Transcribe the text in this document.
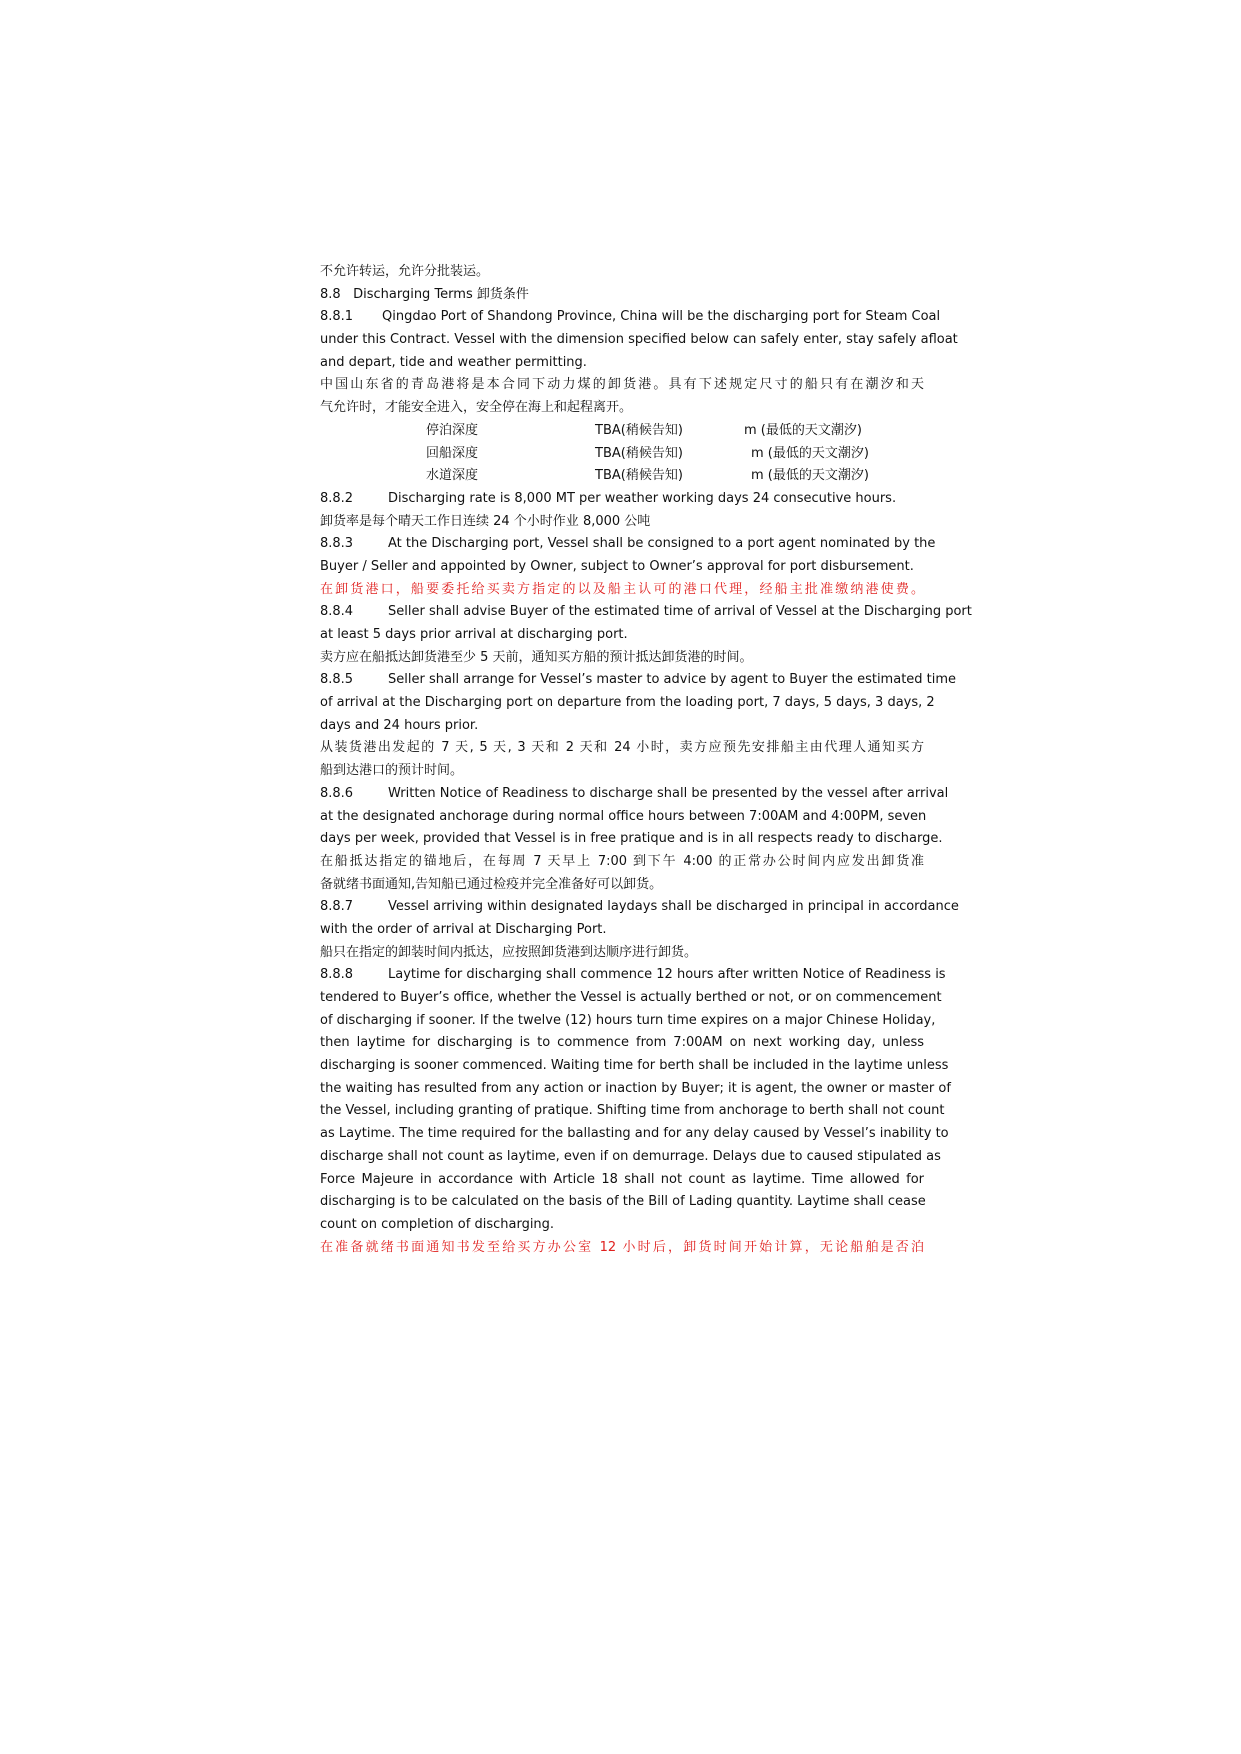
不允许转运，允许分批装运。
8.8 Discharging Terms 卸货条件
8.8.1 Qingdao Port of Shandong Province, China will be the discharging port for Steam Coal
under this Contract. Vessel with the dimension specified below can safely enter, stay safely afloat
and depart, tide and weather permitting.
中国山东省的青岛港将是本合同下动力煤的卸货港。具有下述规定尺寸的船只有在潮汐和天
气允许时，才能安全进入，安全停在海上和起程离开。
停泊深度	TBA(稍候告知)	m (最低的天文潮汐)
回船深度	TBA(稍候告知)	m (最低的天文潮汐)
水道深度	TBA(稍候告知)	m (最低的天文潮汐)
8.8.2	Discharging rate is 8,000 MT per weather working days 24 consecutive hours.
卸货率是每个晴天工作日连续 24 个小时作业 8,000 公吨
8.8.3	At the Discharging port, Vessel shall be consigned to a port agent nominated by the
Buyer / Seller and appointed by Owner, subject to Owner’s approval for port disbursement.
在卸货港口，船要委托给买卖方指定的以及船主认可的港口代理，经船主批准缴纳港使费。
8.8.4	Seller shall advise Buyer of the estimated time of arrival of Vessel at the Discharging port
at least 5 days prior arrival at discharging port.
卖方应在船抵达卸货港至少 5 天前，通知买方船的预计抵达卸货港的时间。
8.8.5	Seller shall arrange for Vessel’s master to advice by agent to Buyer the estimated time
of arrival at the Discharging port on departure from the loading port, 7 days, 5 days, 3 days, 2
days and 24 hours prior.
从装货港出发起的 7 天, 5 天, 3 天和 2 天和 24 小时，卖方应预先安排船主由代理人通知买方
船到达港口的预计时间。
8.8.6	Written Notice of Readiness to discharge shall be presented by the vessel after arrival
at the designated anchorage during normal office hours between 7:00AM and 4:00PM, seven
days per week, provided that Vessel is in free pratique and is in all respects ready to discharge.
在船抵达指定的锚地后，在每周 7 天早上 7:00 到下午 4:00 的正常办公时间内应发出卸货准
备就绪书面通知,告知船已通过检疫并完全准备好可以卸货。
8.8.7	Vessel arriving within designated laydays shall be discharged in principal in accordance
with the order of arrival at Discharging Port.
船只在指定的卸装时间内抵达，应按照卸货港到达顺序进行卸货。
8.8.8	Laytime for discharging shall commence 12 hours after written Notice of Readiness is
tendered to Buyer’s office, whether the Vessel is actually berthed or not, or on commencement
of discharging if sooner. If the twelve (12) hours turn time expires on a major Chinese Holiday,
then laytime for discharging is to commence from 7:00AM on next working day, unless
discharging is sooner commenced. Waiting time for berth shall be included in the laytime unless
the waiting has resulted from any action or inaction by Buyer; it is agent, the owner or master of
the Vessel, including granting of pratique. Shifting time from anchorage to berth shall not count
as Laytime. The time required for the ballasting and for any delay caused by Vessel’s inability to
discharge shall not count as laytime, even if on demurrage. Delays due to caused stipulated as
Force Majeure in accordance with Article 18 shall not count as laytime. Time allowed for
discharging is to be calculated on the basis of the Bill of Lading quantity. Laytime shall cease
count on completion of discharging.
在准备就绪书面通知书发至给买方办公室 12 小时后，卸货时间开始计算，无论船舶是否泊
